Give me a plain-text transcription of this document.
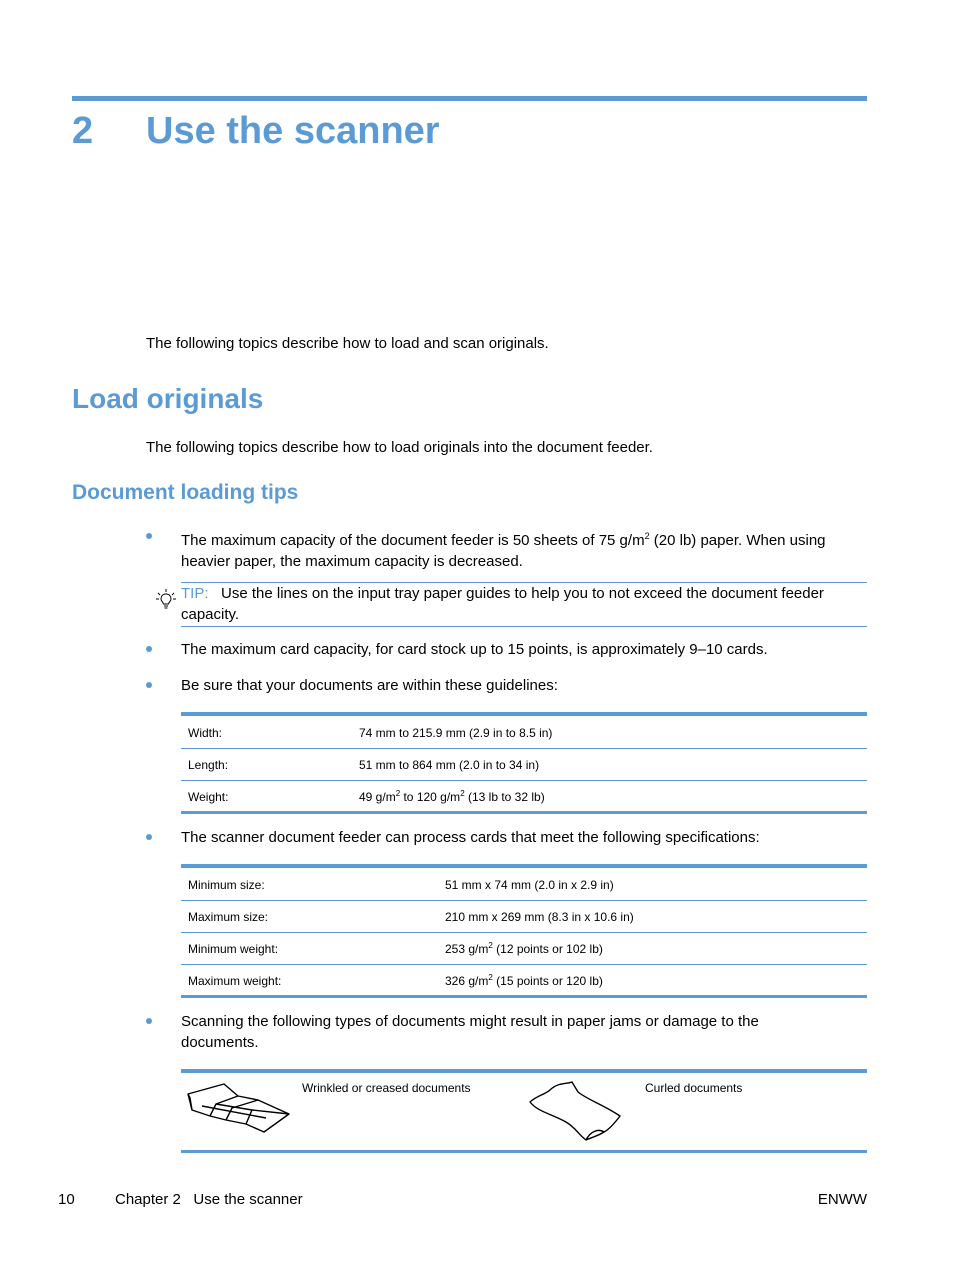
2 Use the scanner
The following topics describe how to load and scan originals.
Load originals
The following topics describe how to load originals into the document feeder.
Document loading tips
The maximum capacity of the document feeder is 50 sheets of 75 $g/m^2$ (20 lb) paper. When using heavier paper, the maximum capacity is decreased.
TIP: Use the lines on the input tray paper guides to help you to not exceed the document feeder capacity.
The maximum card capacity, for card stock up to 15 points, is approximately 9–10 cards.
Be sure that your documents are within these guidelines:
Width:	74 mm to 215.9 mm (2.9 in to 8.5 in)
Length:	51 mm to 864 mm (2.0 in to 34 in)
Weight:	49 $g/m^2$ to 120 $g/m^2$ (13 lb to 32 lb)
The scanner document feeder can process cards that meet the following specifications:
Minimum size:	51 mm x 74 mm (2.0 in x 2.9 in)
Maximum size:	210 mm x 269 mm (8.3 in x 10.6 in)
Minimum weight:	253 $g/m^2$ (12 points or 102 lb)
Maximum weight:	326 $g/m^2$ (15 points or 120 lb)
Scanning the following types of documents might result in paper jams or damage to the documents.
Wrinkled or creased documents	Curled documents
10	Chapter 2   Use the scanner	ENWW
